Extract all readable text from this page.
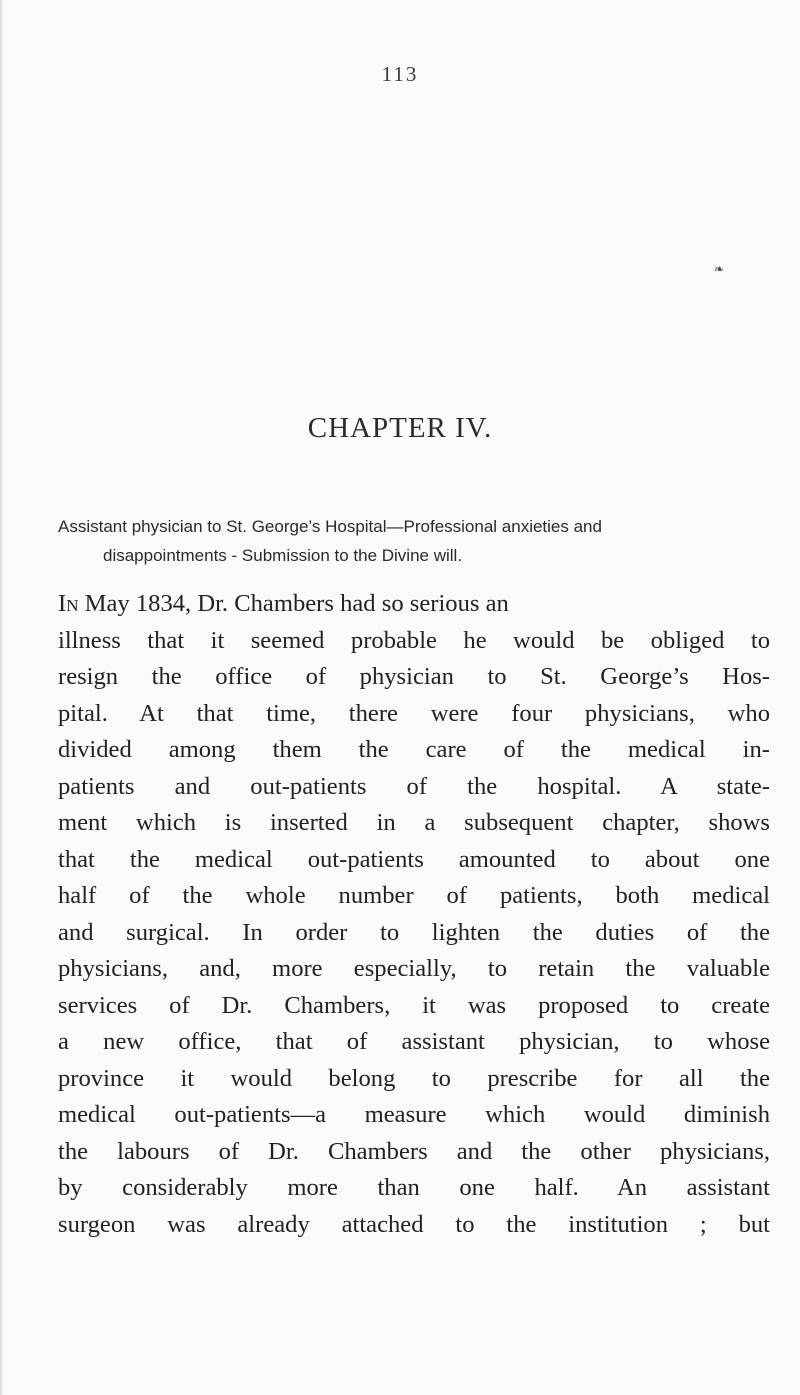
113
❧
CHAPTER IV.
Assistant physician to St. George’s Hospital—Professional anxieties and
disappointments - Submission to the Divine will.
In May 1834, Dr. Chambers had so serious an
illness that it seemed probable he would be obliged to
resign the office of physician to St. George’s Hos-
pital. At that time, there were four physicians, who
divided among them the care of the medical in-
patients and out-patients of the hospital. A state-
ment which is inserted in a subsequent chapter, shows
that the medical out-patients amounted to about one
half of the whole number of patients, both medical
and surgical. In order to lighten the duties of the
physicians, and, more especially, to retain the valuable
services of Dr. Chambers, it was proposed to create
a new office, that of assistant physician, to whose
province it would belong to prescribe for all the
medical out-patients—a measure which would diminish
the labours of Dr. Chambers and the other physicians,
by considerably more than one half. An assistant
surgeon was already attached to the institution ; but
